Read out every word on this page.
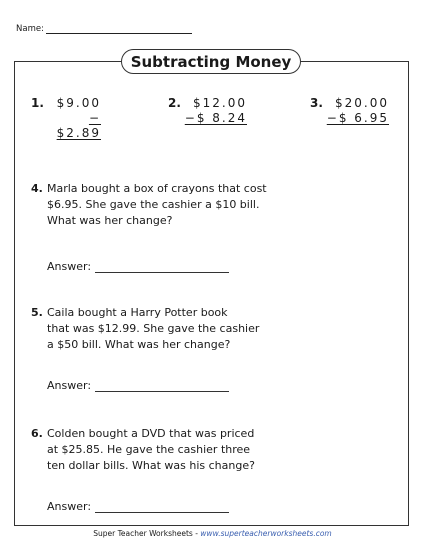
Name:
Subtracting Money
1.	$9.00
−$2.89
2.	$12.00
−$ 8.24
3.	$20.00
−$ 6.95
4. Marla bought a box of crayons that cost
$6.95. She gave the cashier a $10 bill.
What was her change?
Answer:
5. Caila bought a Harry Potter book
that was $12.99. She gave the cashier
a $50 bill. What was her change?
Answer:
6. Colden bought a DVD that was priced
at $25.85. He gave the cashier three
ten dollar bills. What was his change?
Answer:
Super Teacher Worksheets - www.superteacherworksheets.com
